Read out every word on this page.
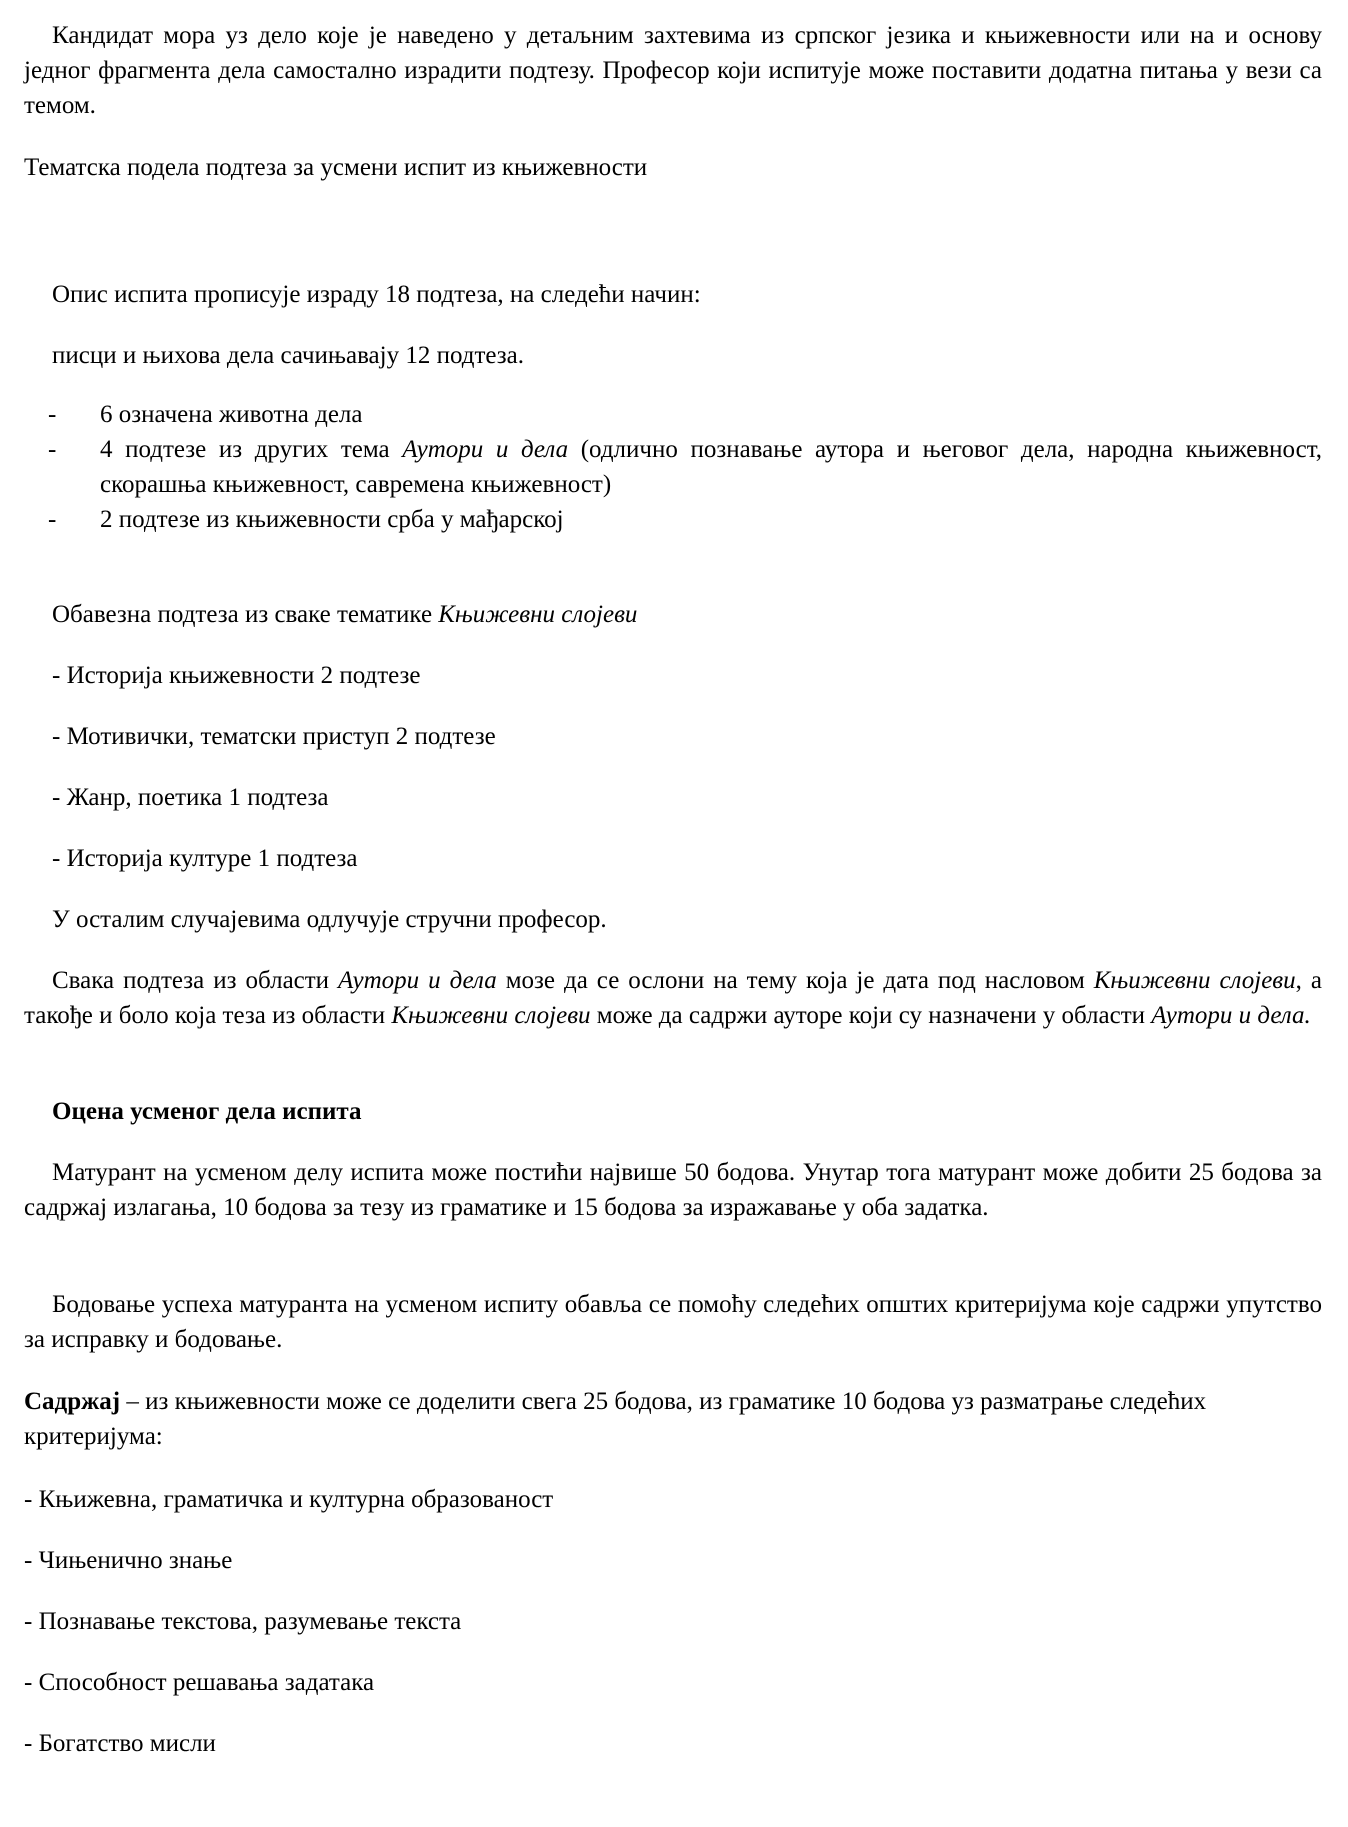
Кандидат мора уз дело које је наведено у детаљним захтевима из српског језика и књижевности или на и основу једног фрагмента дела самостално израдити подтезу. Професор који испитује може поставити додатна питања у вези са темом.

Тематска подела подтеза за усмени испит из књижевности

Опис испита прописује израду 18 подтеза, на следећи начин:

писци и њихова дела сачињавају 12 подтеза.

- 6 означена животна дела
- 4 подтезе из других тема Аутори и дела (одлично познавање аутора и његовог дела, народна књижевност, скорашња књижевност, савремена књижевност)
- 2 подтезе из књижевности срба у мађарској

Обавезна подтеза из сваке тематике Књижевни слојеви

- Историја књижевности 2 подтезе

- Мотивички, тематски приступ 2 подтезе

- Жанр, поетика 1 подтеза

- Историја културе 1 подтеза

У осталим случајевима одлучује стручни професор.

Свака подтеза из области Аутори и дела мозе да се ослони на тему која је дата под насловом Књижевни слојеви, а такође и боло која теза из области Књижевни слојеви може да садржи ауторе који су назначени у области Аутори и дела.

Оцена усменог дела испита

Матурант на усменом делу испита може постићи највише 50 бодова. Унутар тога матурант може добити 25 бодова за садржај излагања, 10 бодова за тезу из граматике и 15 бодова за изражавање у оба задатка.

Бодовање успеха матуранта на усменом испиту обавља се помоћу следећих општих критеријума које садржи упутство за исправку и бодовање.

Садржај – из књижевности може се доделити свега 25 бодова, из граматике 10 бодова уз разматрање следећих критеријума:

- Књижевна, граматичка и културна образованост

- Чињенично знање

- Познавање текстова, разумевање текста

- Способност решавања задатака

- Богатство мисли
